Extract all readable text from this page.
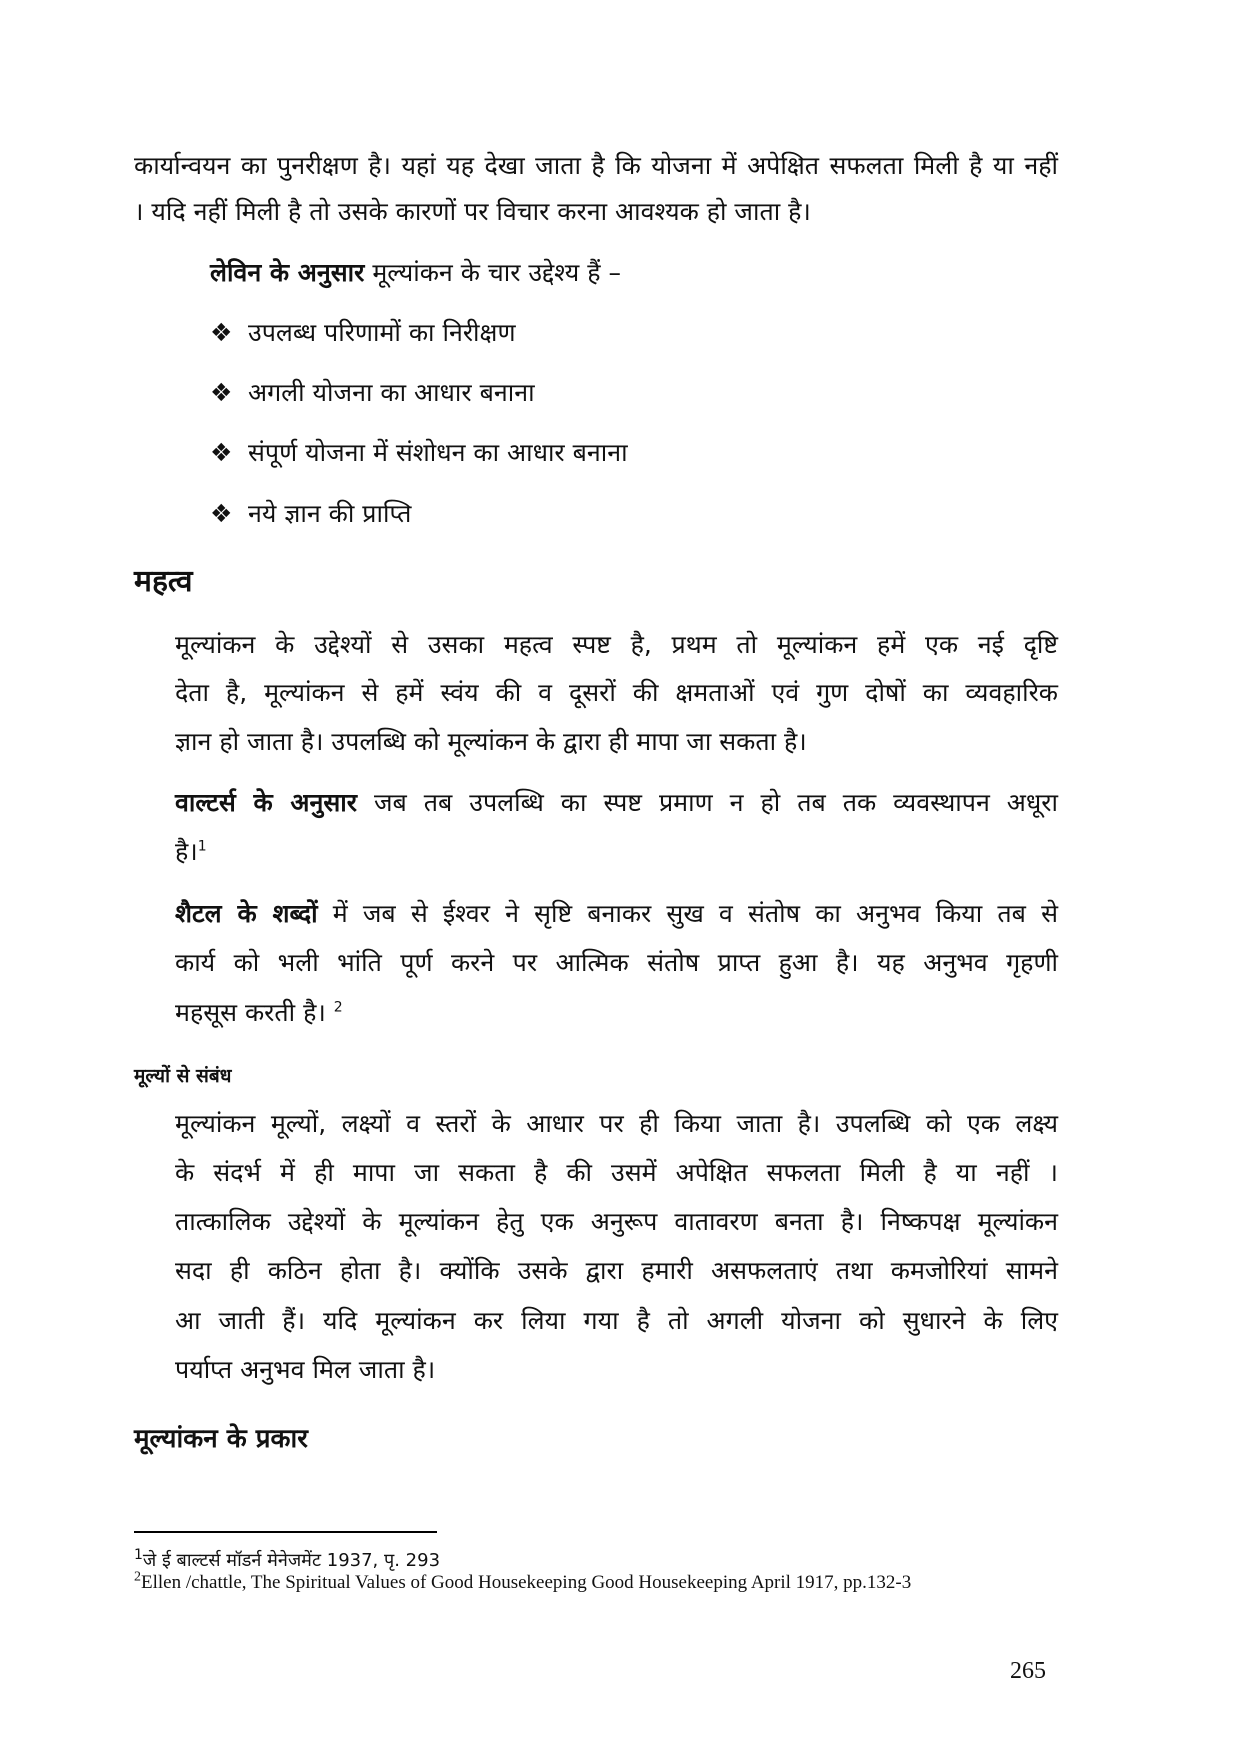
कार्यान्वयन का पुनरीक्षण है। यहां यह देखा जाता है कि योजना में अपेक्षित सफलता मिली है या नहीं
। यदि नहीं मिली है तो उसके कारणों पर विचार करना आवश्यक हो जाता है।
लेविन के अनुसार मूल्यांकन के चार उद्देश्य हैं –
❖ उपलब्ध परिणामों का निरीक्षण
❖ अगली योजना का आधार बनाना
❖ संपूर्ण योजना में संशोधन का आधार बनाना
❖ नये ज्ञान की प्राप्ति
महत्व
मूल्यांकन के उद्देश्यों से उसका महत्व स्पष्ट है, प्रथम तो मूल्यांकन हमें एक नई दृष्टि
देता है, मूल्यांकन से हमें स्वंय की व दूसरों की क्षमताओं एवं गुण दोषों का व्यवहारिक
ज्ञान हो जाता है। उपलब्धि को मूल्यांकन के द्वारा ही मापा जा सकता है।
वाल्टर्स के अनुसार जब तब उपलब्धि का स्पष्ट प्रमाण न हो तब तक व्यवस्थापन अधूरा
है।$^1$
शैटल के शब्दों में जब से ईश्वर ने सृष्टि बनाकर सुख व संतोष का अनुभव किया तब से
कार्य को भली भांति पूर्ण करने पर आत्मिक संतोष प्राप्त हुआ है। यह अनुभव गृहणी
महसूस करती है। $^2$
मूल्यों से संबंध
मूल्यांकन मूल्यों, लक्ष्यों व स्तरों के आधार पर ही किया जाता है। उपलब्धि को एक लक्ष्य
के संदर्भ में ही मापा जा सकता है की उसमें अपेक्षित सफलता मिली है या नहीं ।
तात्कालिक उद्देश्यों के मूल्यांकन हेतु एक अनुरूप वातावरण बनता है। निष्कपक्ष मूल्यांकन
सदा ही कठिन होता है। क्योंकि उसके द्वारा हमारी असफलताएं तथा कमजोरियां सामने
आ जाती हैं। यदि मूल्यांकन कर लिया गया है तो अगली योजना को सुधारने के लिए
पर्याप्त अनुभव मिल जाता है।
मूल्यांकन के प्रकार
$^1$जे ई बाल्टर्स मॉडर्न मेनेजमेंट 1937, पृ. 293
$^2$Ellen /chattle, The Spiritual Values of Good Housekeeping Good Housekeeping April 1917, pp.132-3
265
